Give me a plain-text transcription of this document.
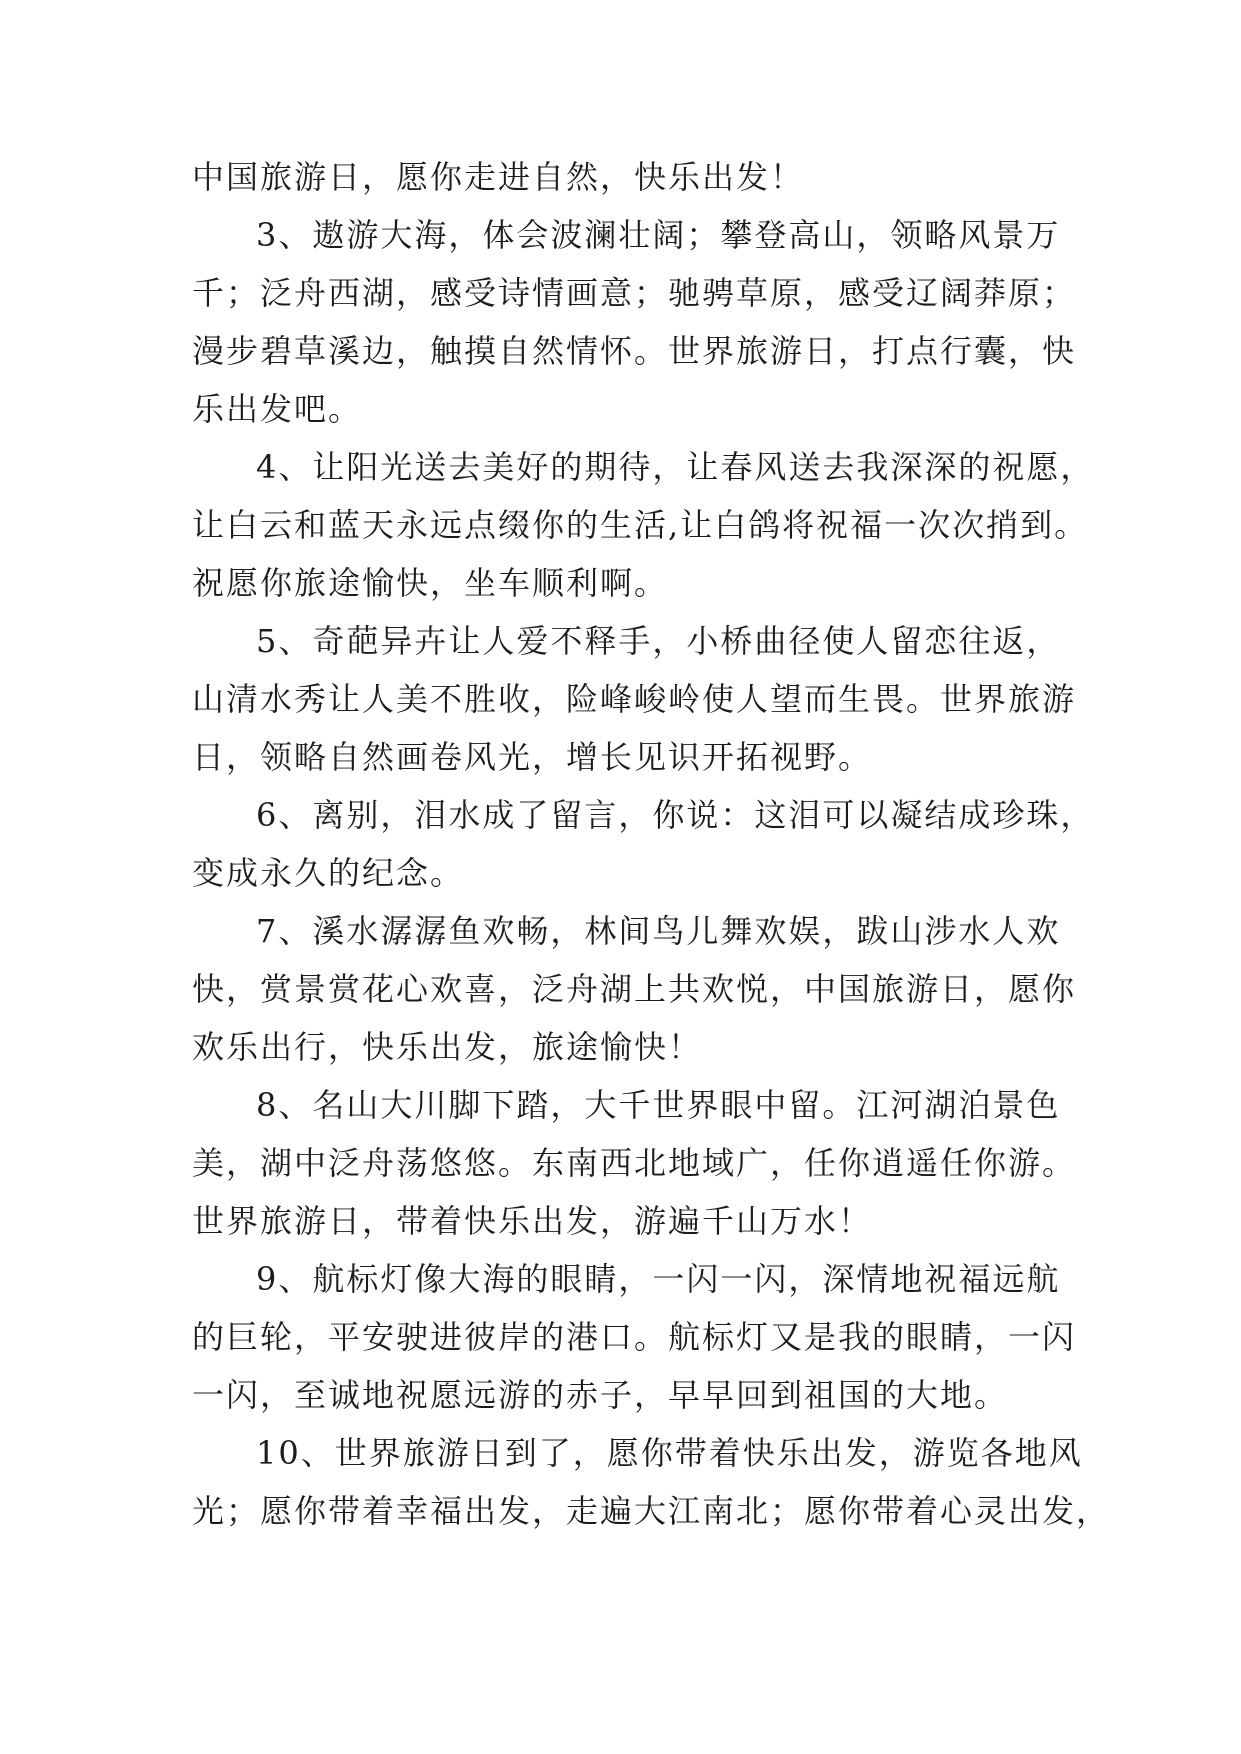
中国旅游日，愿你走进自然，快乐出发！
3、遨游大海，体会波澜壮阔；攀登高山，领略风景万
千；泛舟西湖，感受诗情画意；驰骋草原，感受辽阔莽原；
漫步碧草溪边，触摸自然情怀。世界旅游日，打点行囊，快
乐出发吧。
4、让阳光送去美好的期待，让春风送去我深深的祝愿，
让白云和蓝天永远点缀你的生活,让白鸽将祝福一次次捎到。
祝愿你旅途愉快，坐车顺利啊。
5、奇葩异卉让人爱不释手，小桥曲径使人留恋往返，
山清水秀让人美不胜收，险峰峻岭使人望而生畏。世界旅游
日，领略自然画卷风光，增长见识开拓视野。
6、离别，泪水成了留言，你说：这泪可以凝结成珍珠，
变成永久的纪念。
7、溪水潺潺鱼欢畅，林间鸟儿舞欢娱，跋山涉水人欢
快，赏景赏花心欢喜，泛舟湖上共欢悦，中国旅游日，愿你
欢乐出行，快乐出发，旅途愉快！
8、名山大川脚下踏，大千世界眼中留。江河湖泊景色
美，湖中泛舟荡悠悠。东南西北地域广，任你逍遥任你游。
世界旅游日，带着快乐出发，游遍千山万水！
9、航标灯像大海的眼睛，一闪一闪，深情地祝福远航
的巨轮，平安驶进彼岸的港口。航标灯又是我的眼睛，一闪
一闪，至诚地祝愿远游的赤子，早早回到祖国的大地。
10、世界旅游日到了，愿你带着快乐出发，游览各地风
光；愿你带着幸福出发，走遍大江南北；愿你带着心灵出发，
